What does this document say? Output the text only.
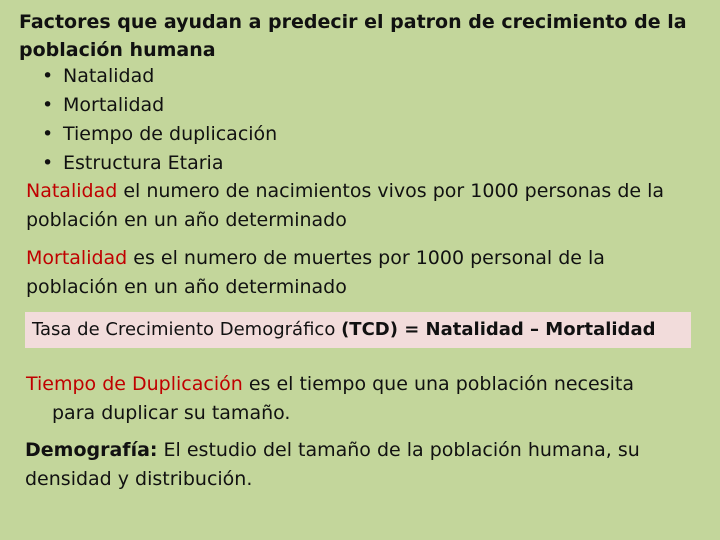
Factores que ayudan a predecir el patron de crecimiento de la población humana
• Natalidad
• Mortalidad
• Tiempo de duplicación
• Estructura Etaria
Natalidad el numero de nacimientos vivos por 1000 personas de la
población en un año determinado
Mortalidad es el numero de muertes por 1000 personal de la
población en un año determinado
Tasa de Crecimiento Demográfico (TCD) = Natalidad – Mortalidad
Tiempo de Duplicación es el tiempo que una población necesita
para duplicar su tamaño.
Demografía: El estudio del tamaño de la población humana, su
densidad y distribución.
